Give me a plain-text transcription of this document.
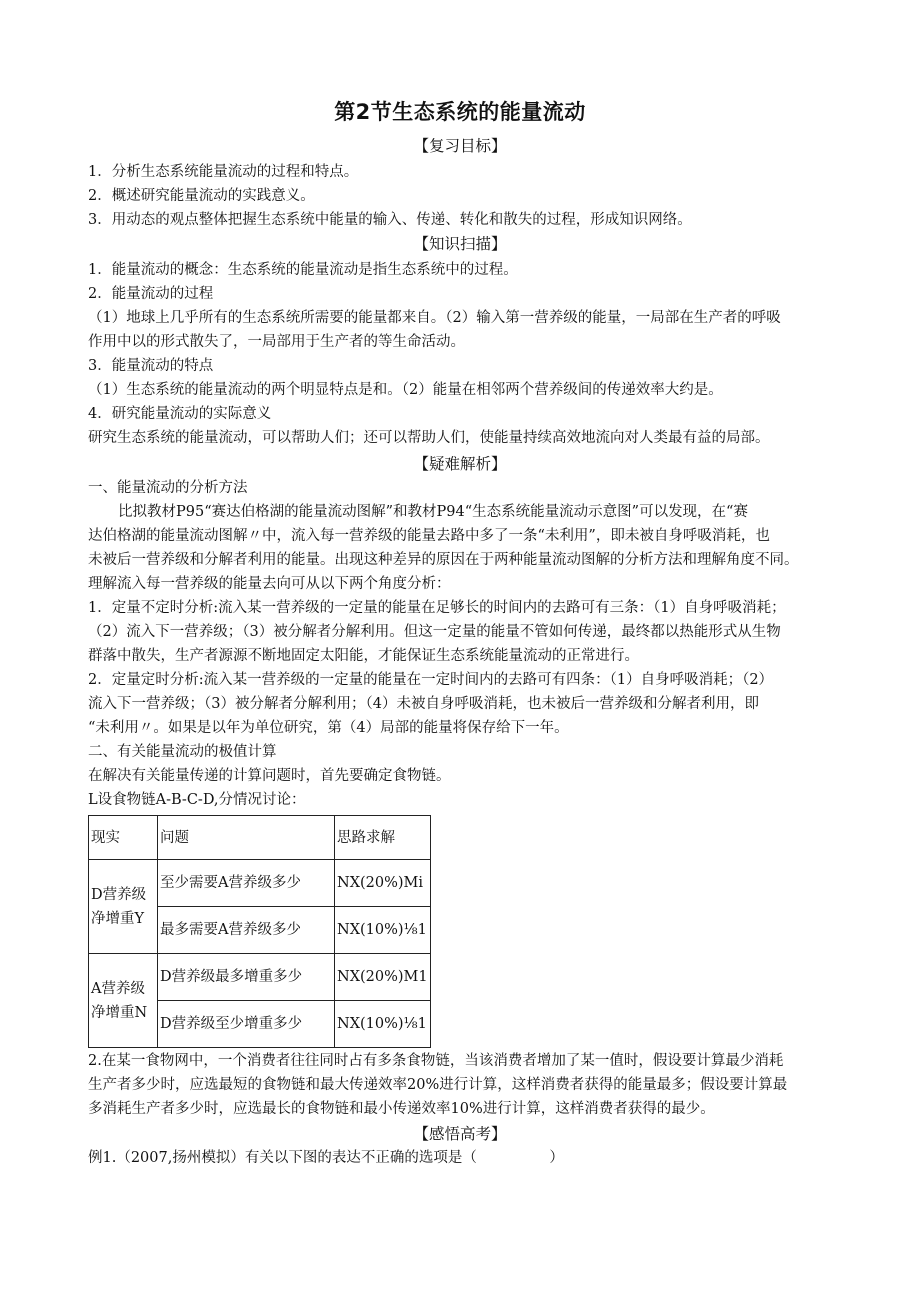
第2节生态系统的能量流动
【复习目标】
1．分析生态系统能量流动的过程和特点。
2．概述研究能量流动的实践意义。
3．用动态的观点整体把握生态系统中能量的输入、传递、转化和散失的过程，形成知识网络。
【知识扫描】
1．能量流动的概念：生态系统的能量流动是指生态系统中的过程。
2．能量流动的过程
（1）地球上几乎所有的生态系统所需要的能量都来自。（2）输入第一营养级的能量，一局部在生产者的呼吸
作用中以的形式散失了，一局部用于生产者的等生命活动。
3．能量流动的特点
（1）生态系统的能量流动的两个明显特点是和。（2）能量在相邻两个营养级间的传递效率大约是。
4．研究能量流动的实际意义
研究生态系统的能量流动，可以帮助人们；还可以帮助人们，使能量持续高效地流向对人类最有益的局部。
【疑难解析】
一、能量流动的分析方法
比拟教材P95“赛达伯格湖的能量流动图解”和教材P94“生态系统能量流动示意图”可以发现，在“赛
达伯格湖的能量流动图解〃中，流入每一营养级的能量去路中多了一条“未利用”，即未被自身呼吸消耗，也
未被后一营养级和分解者利用的能量。出现这种差异的原因在于两种能量流动图解的分析方法和理解角度不同。
理解流入每一营养级的能量去向可从以下两个角度分析：
1．定量不定时分析:流入某一营养级的一定量的能量在足够长的时间内的去路可有三条：（1）自身呼吸消耗；
（2）流入下一营养级；（3）被分解者分解利用。但这一定量的能量不管如何传递，最终都以热能形式从生物
群落中散失，生产者源源不断地固定太阳能，才能保证生态系统能量流动的正常进行。
2．定量定时分析:流入某一营养级的一定量的能量在一定时间内的去路可有四条：（1）自身呼吸消耗；（2）
流入下一营养级；（3）被分解者分解利用；（4）未被自身呼吸消耗，也未被后一营养级和分解者利用，即
“未利用〃。如果是以年为单位研究，第（4）局部的能量将保存给下一年。
二、有关能量流动的极值计算
在解决有关能量传递的计算问题时，首先要确定食物链。
L设食物链A-B-C-D,分情况讨论：
现实	问题	思路求解

D营养级
净增重Y	至少需要A营养级多少	NX(20%)Mi
	最多需要A营养级多少	NX(10%)⅛1

A营养级
净增重N	D营养级最多增重多少	NX(20%)M1
	D营养级至少增重多少	NX(10%)⅛1
2.在某一食物网中，一个消费者往往同时占有多条食物链，当该消费者增加了某一值时，假设要计算最少消耗
生产者多少时，应选最短的食物链和最大传递效率20%进行计算，这样消费者获得的能量最多；假设要计算最
多消耗生产者多少时，应选最长的食物链和最小传递效率10%进行计算，这样消费者获得的最少。
【感悟高考】
例1.（2007,扬州模拟）有关以下图的表达不正确的选项是（　　　　　）
